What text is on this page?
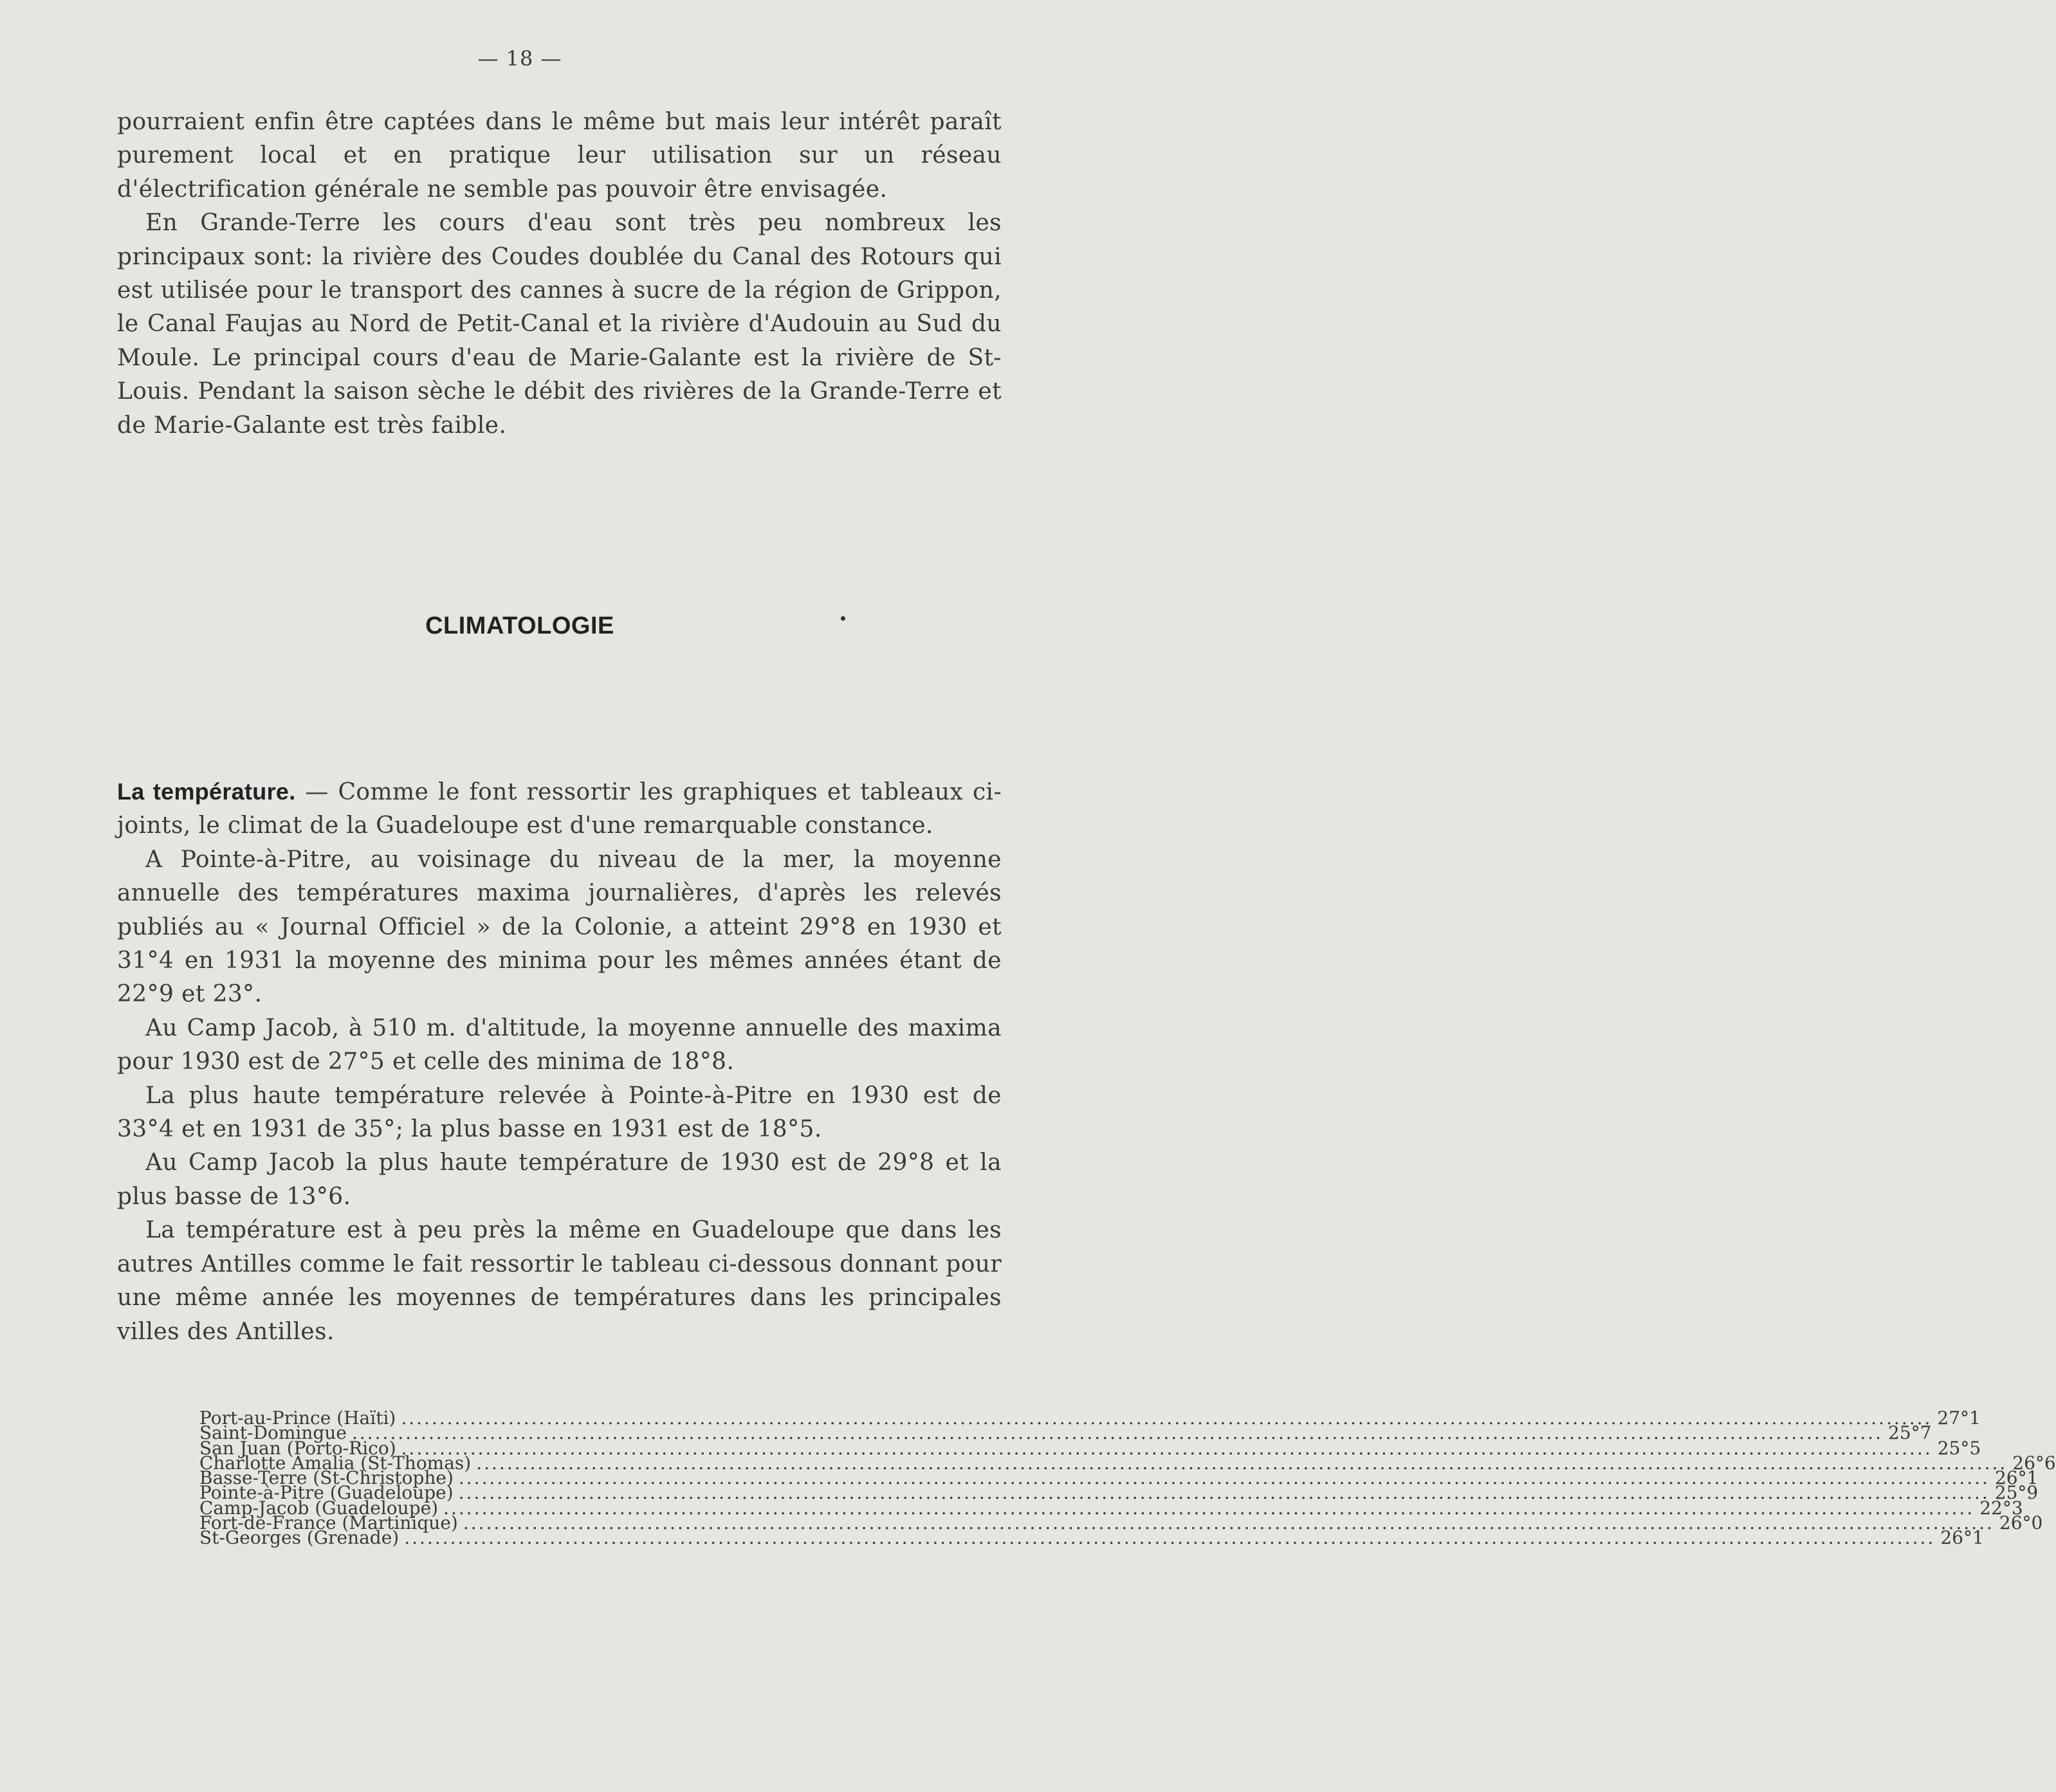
— 18 —

pourraient enfin être captées dans le même but mais leur intérêt paraît purement local et en pratique leur utilisation sur un réseau d'électrification générale ne semble pas pouvoir être envisagée.

En Grande-Terre les cours d'eau sont très peu nombreux les principaux sont: la rivière des Coudes doublée du Canal des Rotours qui est utilisée pour le transport des cannes à sucre de la région de Grippon, le Canal Faujas au Nord de Petit-Canal et la rivière d'Audouin au Sud du Moule. Le principal cours d'eau de Marie-Galante est la rivière de St-Louis. Pendant la saison sèche le débit des rivières de la Grande-Terre et de Marie-Galante est très faible.

CLIMATOLOGIE

La température. — Comme le font ressortir les graphiques et tableaux ci-joints, le climat de la Guadeloupe est d'une remarquable constance.

A Pointe-à-Pitre, au voisinage du niveau de la mer, la moyenne annuelle des températures maxima journalières, d'après les relevés publiés au « Journal Officiel » de la Colonie, a atteint 29°8 en 1930 et 31°4 en 1931 la moyenne des minima pour les mêmes années étant de 22°9 et 23°.

Au Camp Jacob, à 510 m. d'altitude, la moyenne annuelle des maxima pour 1930 est de 27°5 et celle des minima de 18°8.

La plus haute température relevée à Pointe-à-Pitre en 1930 est de 33°4 et en 1931 de 35°; la plus basse en 1931 est de 18°5.

Au Camp Jacob la plus haute température de 1930 est de 29°8 et la plus basse de 13°6.

La température est à peu près la même en Guadeloupe que dans les autres Antilles comme le fait ressortir le tableau ci-dessous donnant pour une même année les moyennes de températures dans les principales villes des Antilles.

Port-au-Prince (Haïti) ........................................................................................................................................................................................................ 27°1
Saint-Domingue ........................................................................................................................................................................................................ 25°7
San Juan (Porto-Rico) ........................................................................................................................................................................................................ 25°5
Charlotte Amalia (St-Thomas) ........................................................................................................................................................................................................ 26°6
Basse-Terre (St-Christophe) ........................................................................................................................................................................................................ 26°1
Pointe-à-Pitre (Guadeloupe) ........................................................................................................................................................................................................ 25°9
Camp-Jacob (Guadeloupe) ........................................................................................................................................................................................................ 22°3
Fort-de-France (Martinique) ........................................................................................................................................................................................................ 26°0
St-Georges (Grenade) ........................................................................................................................................................................................................ 26°1
